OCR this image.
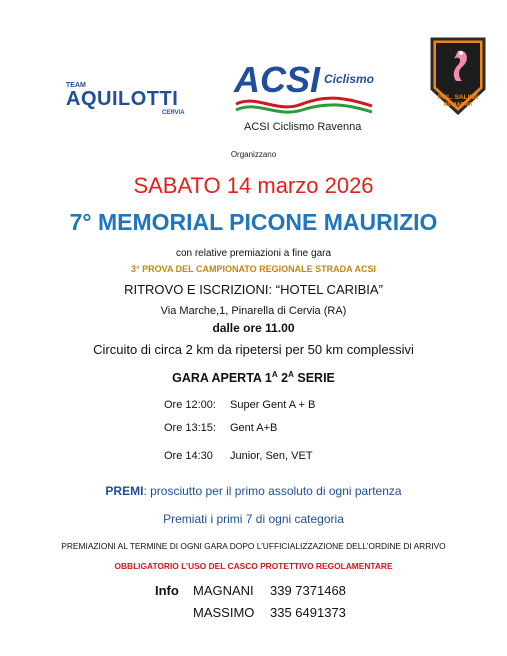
TEAM
AQUILOTTI
CERVIA
ACSI Ciclismo
POL. SALINE
ROMAGNA
ACSI Ciclismo Ravenna
Organizzano
SABATO 14 marzo 2026
7° MEMORIAL PICONE MAURIZIO
con relative premiazioni a fine gara
3° PROVA DEL CAMPIONATO REGIONALE STRADA ACSI
RITROVO E ISCRIZIONI: “HOTEL CARIBIA”
Via Marche,1, Pinarella di Cervia (RA)
dalle ore 11.00
Circuito di circa 2 km da ripetersi per 50 km complessivi
GARA APERTA $1^A$ $2^A$ SERIE
Ore 12:00: Super Gent A + B
Ore 13:15: Gent A+B
Ore 14:30 Junior, Sen, VET
PREMI: prosciutto per il primo assoluto di ogni partenza
Premiati i primi 7 di ogni categoria
PREMIAZIONI AL TERMINE DI OGNI GARA DOPO L’UFFICIALIZZAZIONE DELL’ORDINE DI ARRIVO
OBBLIGATORIO L’USO DEL CASCO PROTETTIVO REGOLAMENTARE
Info MAGNANI 339 7371468
MASSIMO 335 6491373
